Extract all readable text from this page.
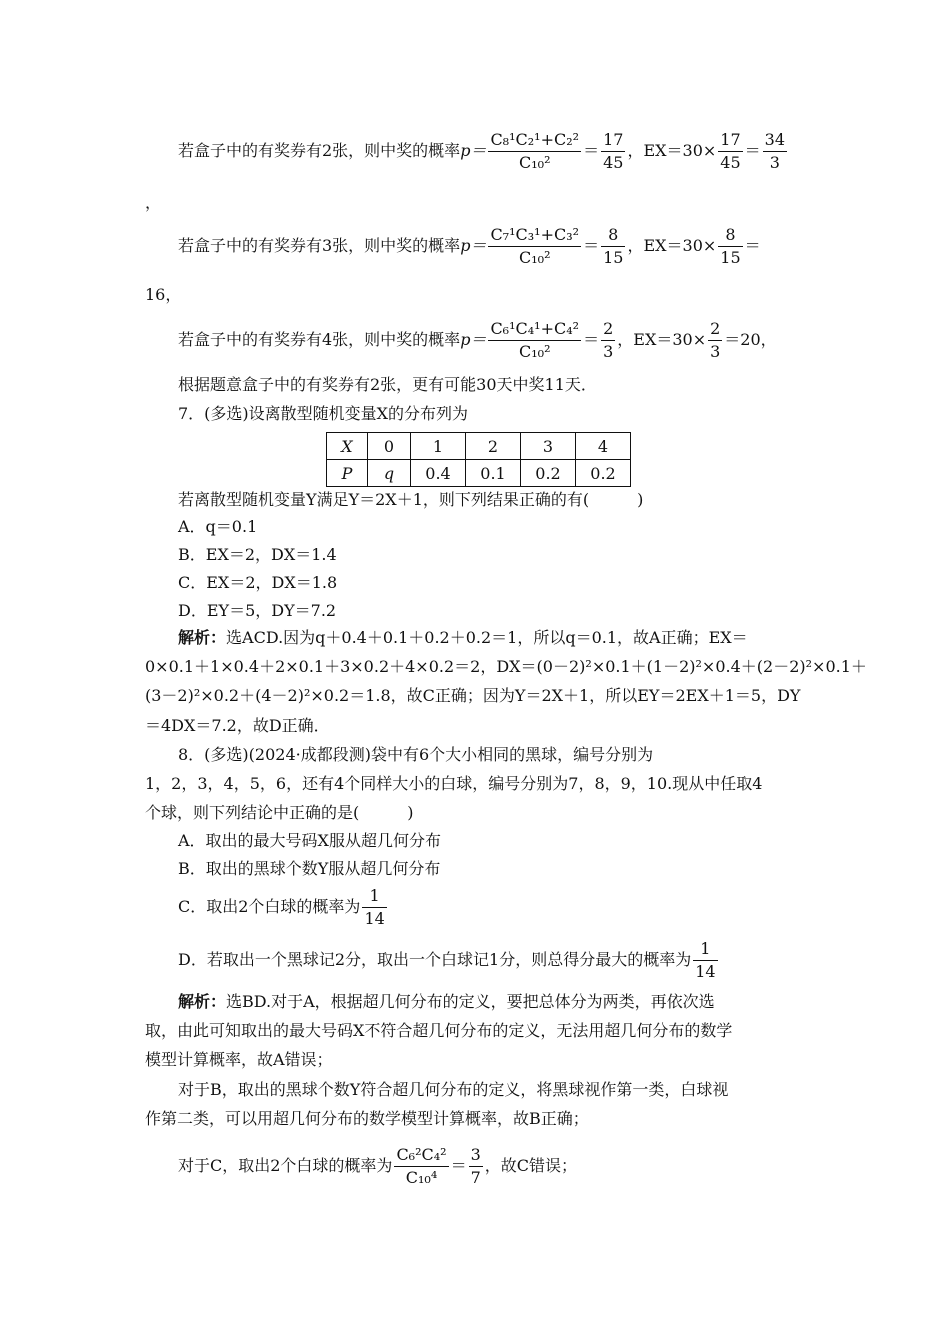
若盒子中的有奖券有2张，则中奖的概率$p= \frac{\text{C₈¹C₂¹+C₂²}}{\text{C₁₀²}} = \frac{17}{45}$ ，$EX=30\times \frac{17}{45} = \frac{34}{3}$
，
若盒子中的有奖券有3张，则中奖的概率$p= \frac{\text{C₇¹C₃¹+C₃²}}{\text{C₁₀²}} = \frac{8}{15}$ ，$EX=30\times \frac{8}{15}$ ＝
16，
若盒子中的有奖券有4张，则中奖的概率$p= \frac{\text{C₆¹C₄¹+C₄²}}{\text{C₁₀²}} = \frac{2}{3}$ ，$EX=30\times \frac{2}{3} =20$，
根据题意盒子中的有奖券有2张，更有可能30天中奖11天．
7．(多选)设离散型随机变量X的分布列为
X	0	1	2	3	4
P	q	0.4	0.1	0.2	0.2
若离散型随机变量Y满足Y＝2X＋1，则下列结果正确的有(　　　)
A．q＝0.1
B．EX＝2，DX＝1.4
C．EX＝2，DX＝1.8
D．EY＝5，DY＝7.2
解析：选ACD.因为q＋0.4＋0.1＋0.2＋0.2＝1，所以q＝0.1，故A正确；EX＝
0×0.1＋1×0.4＋2×0.1＋3×0.2＋4×0.2＝2，DX＝(0－2)²×0.1＋(1－2)²×0.4＋(2－2)²×0.1＋
(3－2)²×0.2＋(4－2)²×0.2＝1.8，故C正确；因为Y＝2X＋1，所以EY＝2EX＋1＝5，DY
＝4DX＝7.2，故D正确．
8．(多选)(2024·成都段测)袋中有6个大小相同的黑球，编号分别为
1，2，3，4，5，6，还有4个同样大小的白球，编号分别为7，8，9，10.现从中任取4
个球，则下列结论中正确的是(　　　)
A．取出的最大号码X服从超几何分布
B．取出的黑球个数Y服从超几何分布
C．取出2个白球的概率为 $\frac{1}{14}$
D．若取出一个黑球记2分，取出一个白球记1分，则总得分最大的概率为 $\frac{1}{14}$
解析：选BD.对于A，根据超几何分布的定义，要把总体分为两类，再依次选
取，由此可知取出的最大号码X不符合超几何分布的定义，无法用超几何分布的数学
模型计算概率，故A错误；
对于B，取出的黑球个数Y符合超几何分布的定义，将黑球视作第一类，白球视
作第二类，可以用超几何分布的数学模型计算概率，故B正确；
对于C，取出2个白球的概率为 $\frac{\text{C₆²C₄²}}{\text{C₁₀⁴}} = \frac{3}{7}$ ，故C错误；
